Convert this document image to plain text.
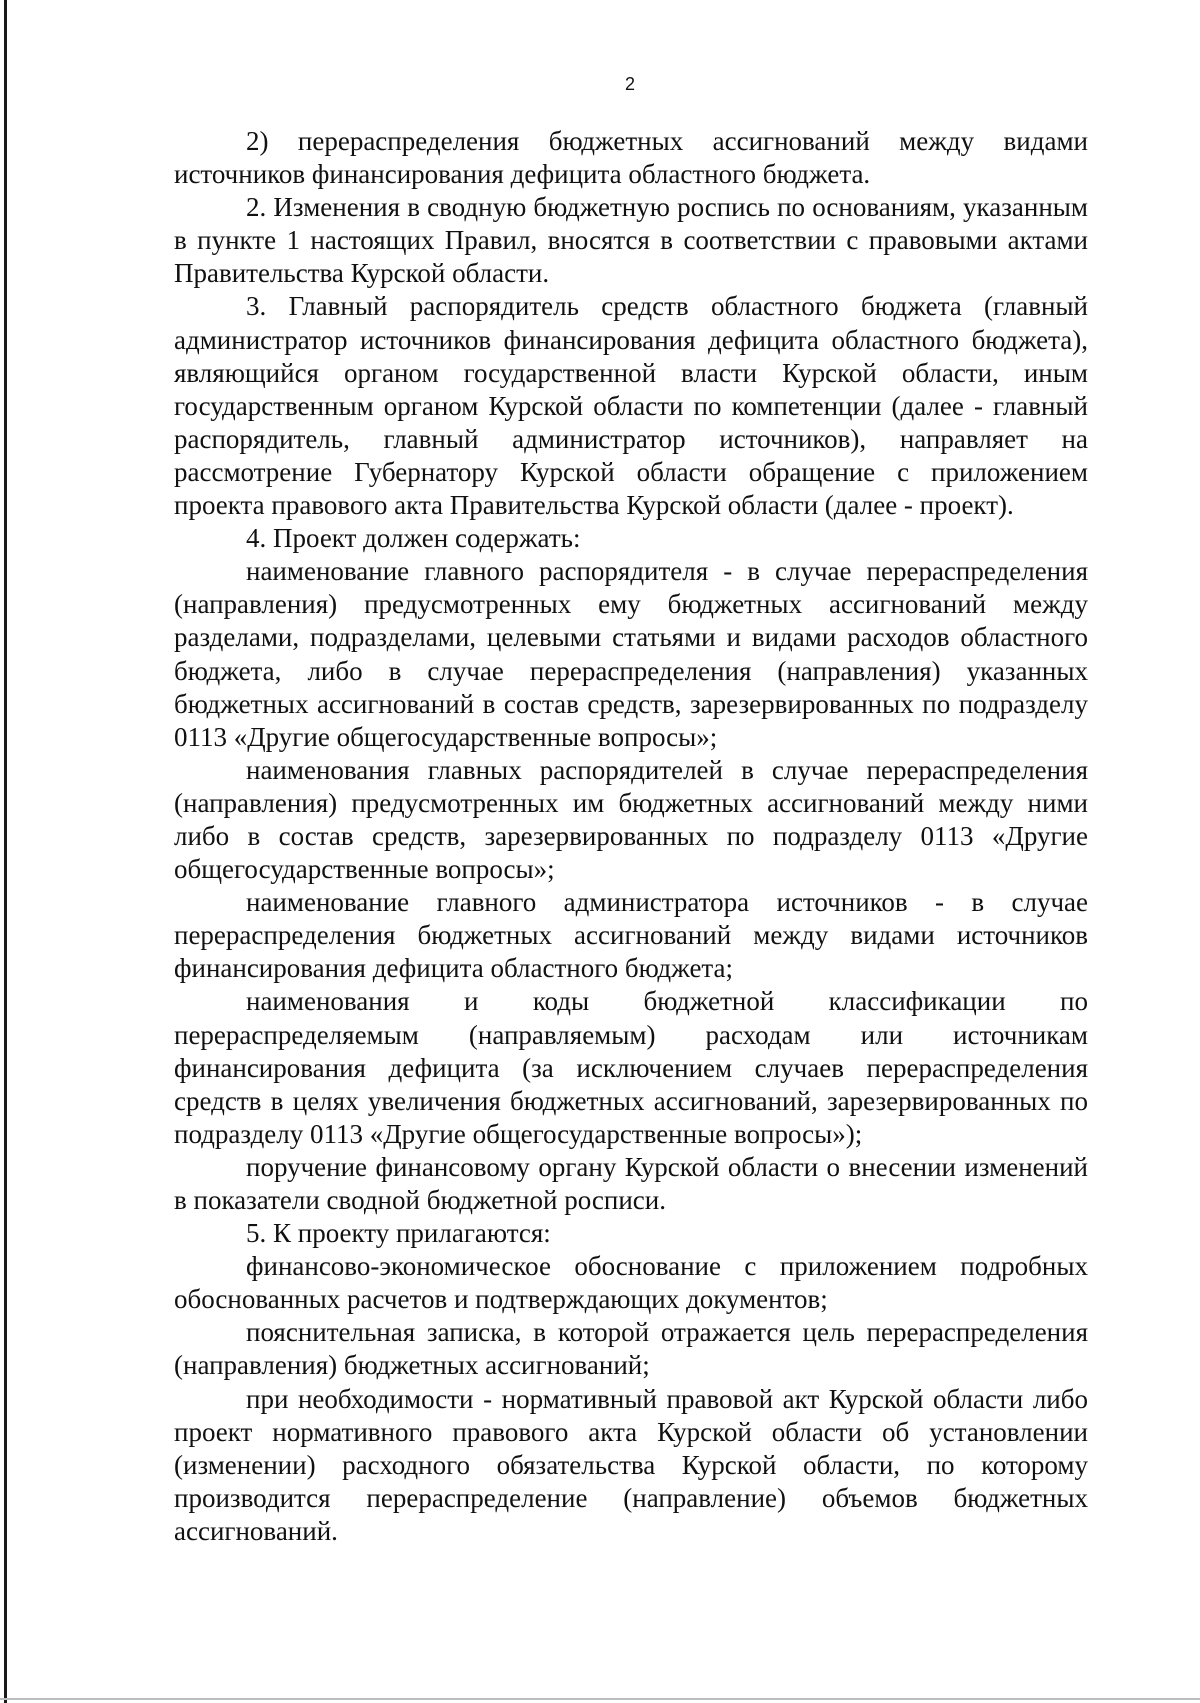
2

2) перераспределения бюджетных ассигнований между видами источников финансирования дефицита областного бюджета.

2. Изменения в сводную бюджетную роспись по основаниям, указанным в пункте 1 настоящих Правил, вносятся в соответствии с правовыми актами Правительства Курской области.

3. Главный распорядитель средств областного бюджета (главный администратор источников финансирования дефицита областного бюджета), являющийся органом государственной власти Курской области, иным государственным органом Курской области по компетенции (далее - главный распорядитель, главный администратор источников), направляет на рассмотрение Губернатору Курской области обращение с приложением проекта правового акта Правительства Курской области (далее - проект).

4. Проект должен содержать:

наименование главного распорядителя - в случае перераспределения (направления) предусмотренных ему бюджетных ассигнований между разделами, подразделами, целевыми статьями и видами расходов областного бюджета, либо в случае перераспределения (направления) указанных бюджетных ассигнований в состав средств, зарезервированных по подразделу 0113 «Другие общегосударственные вопросы»;

наименования главных распорядителей в случае перераспределения (направления) предусмотренных им бюджетных ассигнований между ними либо в состав средств, зарезервированных по подразделу 0113 «Другие общегосударственные вопросы»;

наименование главного администратора источников - в случае перераспределения бюджетных ассигнований между видами источников финансирования дефицита областного бюджета;

наименования и коды бюджетной классификации по перераспределяемым (направляемым) расходам или источникам финансирования дефицита (за исключением случаев перераспределения средств в целях увеличения бюджетных ассигнований, зарезервированных по подразделу 0113 «Другие общегосударственные вопросы»);

поручение финансовому органу Курской области о внесении изменений в показатели сводной бюджетной росписи.

5. К проекту прилагаются:

финансово-экономическое обоснование с приложением подробных обоснованных расчетов и подтверждающих документов;

пояснительная записка, в которой отражается цель перераспределения (направления) бюджетных ассигнований;

при необходимости - нормативный правовой акт Курской области либо проект нормативного правового акта Курской области об установлении (изменении) расходного обязательства Курской области, по которому производится перераспределение (направление) объемов бюджетных ассигнований.
